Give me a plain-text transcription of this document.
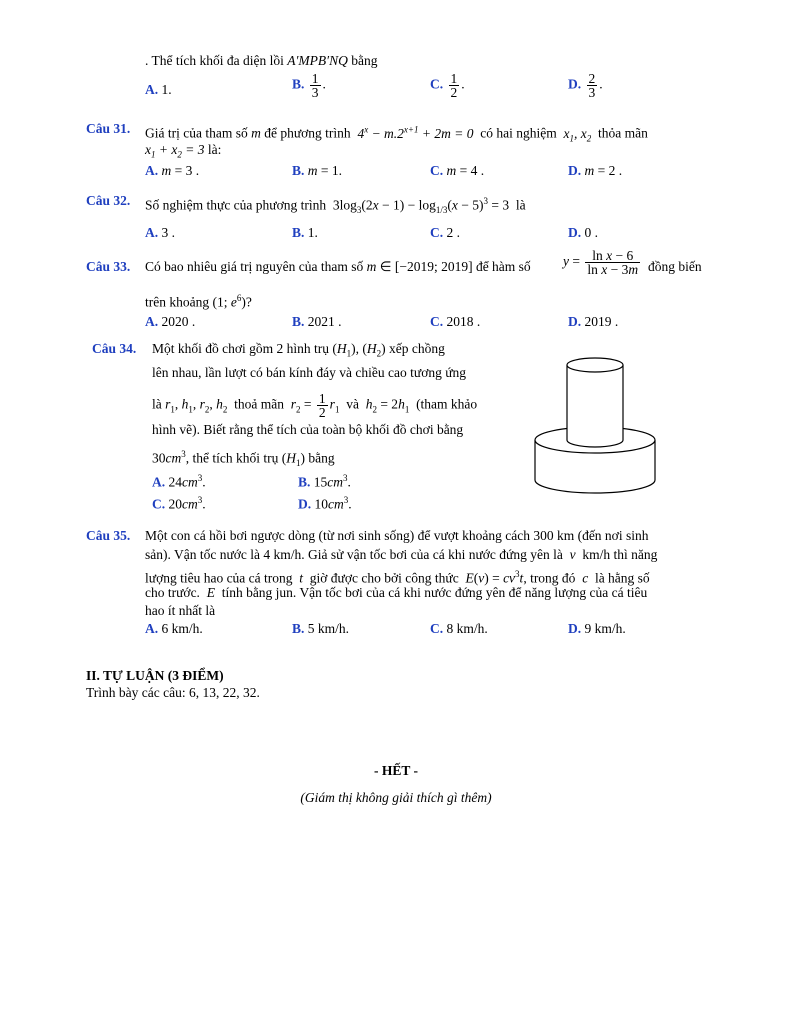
. Thể tích khối đa diện lồi A′MPB′NQ bằng
A. 1.	B. $\frac{1}{3}$ .	C. $\frac{1}{2}$ .	D. $\frac{2}{3}$ .
Câu 31. Giá trị của tham số m để phương trình  $4^x - m.2^{x+1} + 2m = 0$  có hai nghiệm  $x_1$, $x_2$  thỏa mãn
$x_1 + x_2 = 3$ là:
A. m = 3 .	B. m = 1.	C. m = 4 .	D. m = 2 .
Câu 32. Số nghiệm thực của phương trình  $3\log_3(2x - 1) - \log_{1/3}(x - 5)^3 = 3$  là
A. 3 .	B. 1.	C. 2 .	D. 0 .
Câu 33. Có bao nhiêu giá trị nguyên của tham số m ∈ [−2019; 2019] để hàm số $y = \frac{\text{ln x − 6}}{\text{ln x − 3m}}$ đồng biến
trên khoảng (1; $e^6$)?
A. 2020 .	B. 2021 .	C. 2018 .	D. 2019 .
Câu 34. Một khối đồ chơi gồm 2 hình trụ $(H_1)$, $(H_2)$ xếp chồng
lên nhau, lần lượt có bán kính đáy và chiều cao tương ứng
là $r_1$, $h_1$, $r_2$, $h_2$  thoả mãn  $r_2 = \frac{1}{2} r_1$  và  $h_2 = 2h_1$  (tham khảo
hình vẽ). Biết rằng thể tích của toàn bộ khối đồ chơi bằng
$30cm^3$, thể tích khối trụ $(H_1)$ bằng
A. $24cm^3$.	B. $15cm^3$.
C. $20cm^3$.	D. $10cm^3$.
Câu 35. Một con cá hồi bơi ngược dòng (từ nơi sinh sống) để vượt khoảng cách 300 km (đến nơi sinh
sản). Vận tốc nước là 4 km/h. Giả sử vận tốc bơi của cá khi nước đứng yên là  v  km/h thì năng
lượng tiêu hao của cá trong  t  giờ được cho bởi công thức  $E(v) = cv^3t$, trong đó  c  là hằng số
cho trước.  E  tính bằng jun. Vận tốc bơi của cá khi nước đứng yên để năng lượng của cá tiêu
hao ít nhất là
A. 6 km/h.	B. 5 km/h.	C. 8 km/h.	D. 9 km/h.
II. TỰ LUẬN (3 ĐIỂM)
Trình bày các câu: 6, 13, 22, 32.
- HẾT -
(Giám thị không giải thích gì thêm)
